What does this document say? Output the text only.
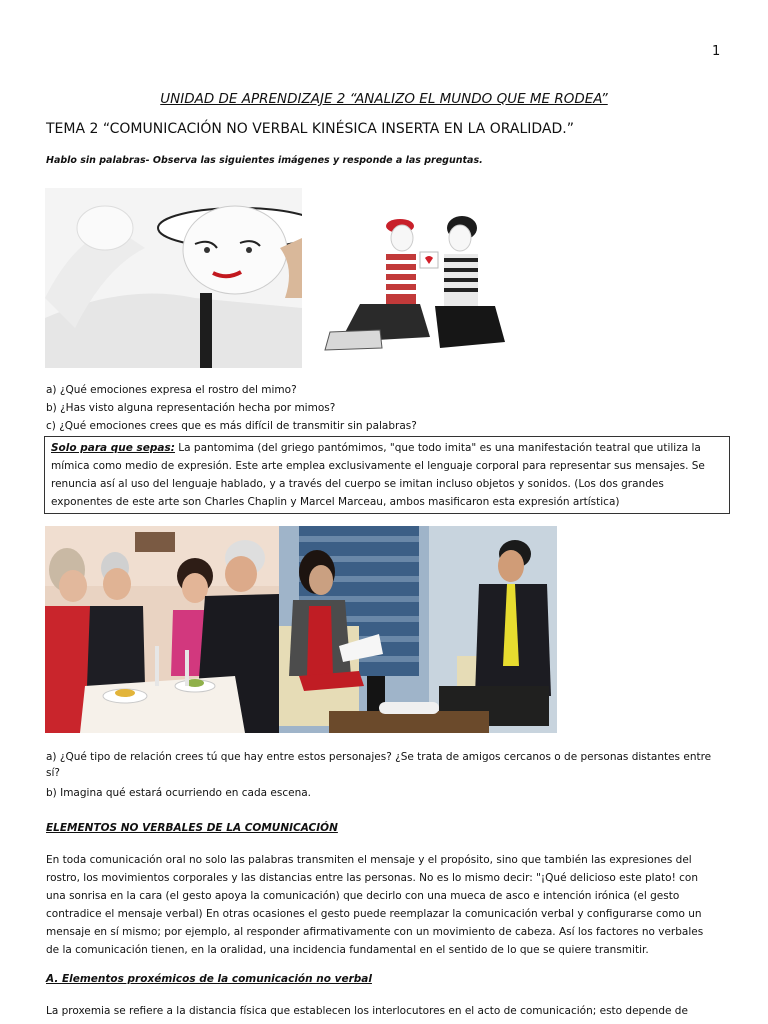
1
UNIDAD DE APRENDIZAJE 2 “ANALIZO EL MUNDO QUE ME RODEA”
TEMA 2 “COMUNICACIÓN NO VERBAL KINÉSICA INSERTA EN LA ORALIDAD.”
Hablo sin palabras- Observa las siguientes imágenes y responde a las preguntas.
a) ¿Qué emociones expresa el rostro del mimo?
b) ¿Has visto alguna representación hecha por mimos?
c) ¿Qué emociones crees que es más difícil de transmitir sin palabras?
Solo para que sepas: La pantomima (del griego pantómimos, "que todo imita" es una manifestación teatral que utiliza la mímica como medio de expresión. Este arte emplea exclusivamente el lenguaje corporal para representar sus mensajes. Se renuncia así al uso del lenguaje hablado, y a través del cuerpo se imitan incluso objetos y sonidos. (Los dos grandes exponentes de este arte son Charles Chaplin y Marcel Marceau, ambos masificaron esta expresión artística)
a) ¿Qué tipo de relación crees tú que hay entre estos personajes? ¿Se trata de amigos cercanos o de personas distantes entre sí?
b) Imagina qué estará ocurriendo en cada escena.
ELEMENTOS NO VERBALES DE LA COMUNICACIÓN
En toda comunicación oral no solo las palabras transmiten el mensaje y el propósito, sino que también las expresiones del rostro, los movimientos corporales y las distancias entre las personas. No es lo mismo decir: "¡Qué delicioso este plato! con una sonrisa en la cara (el gesto apoya la comunicación) que decirlo con una mueca de asco e intención irónica (el gesto contradice el mensaje verbal) En otras ocasiones el gesto puede reemplazar la comunicación verbal y configurarse como un mensaje en sí mismo; por ejemplo, al responder afirmativamente con un movimiento de cabeza. Así los factores no verbales de la comunicación tienen, en la oralidad, una incidencia fundamental en el sentido de lo que se quiere transmitir.
A. Elementos proxémicos de la comunicación no verbal
La proxemia se refiere a la distancia física que establecen los interlocutores en el acto de comunicación; esto depende de
